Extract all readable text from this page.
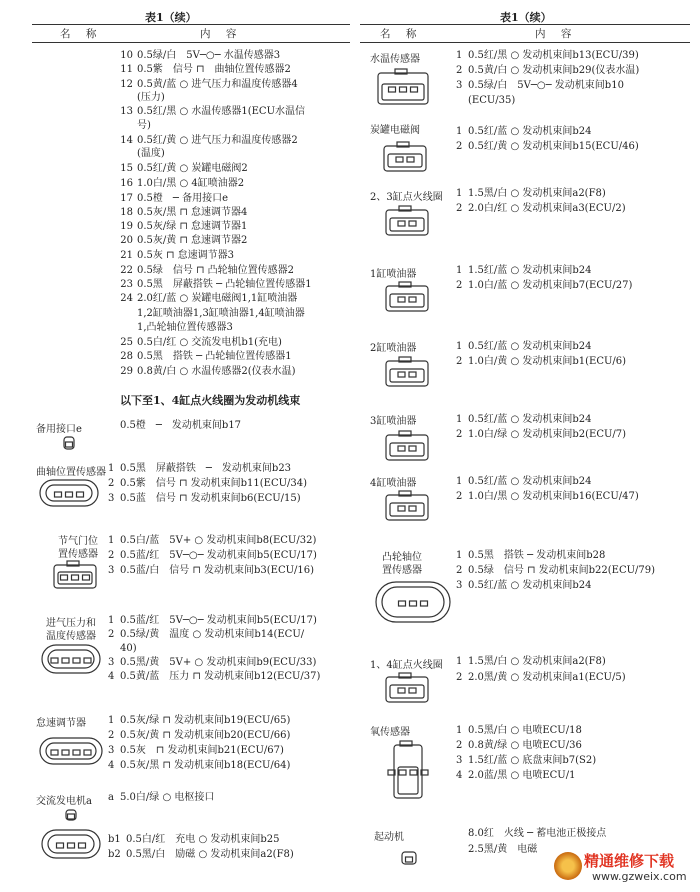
表1（续）
名 称	内 容
10 0.5绿/白　5V─○─ 水温传感器3
11 0.5紫　信号 ⊓　曲轴位置传感器2
12 0.5黄/蓝 ○ 进气压力和温度传感器4
(压力)
13 0.5红/黑 ○ 水温传感器1(ECU水温信
号)
14 0.5红/黄 ○ 进气压力和温度传感器2
(温度)
15 0.5红/黄 ○ 炭罐电磁阀2
16 1.0白/黑 ○ 4缸喷油器2
17 0.5橙　─ 备用接口e
18 0.5灰/黑 ⊓ 怠速调节器4
19 0.5灰/绿 ⊓ 怠速调节器1
20 0.5灰/黄 ⊓ 怠速调节器2
21 0.5灰 ⊓ 怠速调节器3
22 0.5绿　信号 ⊓ 凸轮轴位置传感器2
23 0.5黑　屏蔽搭铁 ─ 凸轮轴位置传感器1
24 2.0红/蓝 ○ 炭罐电磁阀1,1缸喷油器
1,2缸喷油器1,3缸喷油器1,4缸喷油器
1,凸轮轴位置传感器3
25 0.5白/红 ○ 交流发电机b1(充电)
28 0.5黑　搭铁 ─ 凸轮轴位置传感器1
29 0.8黄/白 ○ 水温传感器2(仪表水温)
以下至1、4缸点火线圈为发动机线束
备用接口e	0.5橙　─　发动机束间b17
曲轴位置传感器 1 0.5黑　屏蔽搭铁　─　发动机束间b23
2 0.5紫　信号 ⊓ 发动机束间b11(ECU/34)
3 0.5蓝　信号 ⊓ 发动机束间b6(ECU/15)
节气门位
置传感器
1 0.5白/蓝　5V+ ○ 发动机束间b8(ECU/32)
2 0.5蓝/红　5V─○─ 发动机束间b5(ECU/17)
3 0.5蓝/白　信号 ⊓ 发动机束间b3(ECU/16)
进气压力和
温度传感器
1 0.5蓝/红　5V─○─ 发动机束间b5(ECU/17)
2 0.5绿/黄　温度 ○ 发动机束间b14(ECU/
40)
3 0.5黑/黄　5V+ ○ 发动机束间b9(ECU/33)
4 0.5黄/蓝　压力 ⊓ 发动机束间b12(ECU/37)
怠速调节器 1 0.5灰/绿 ⊓ 发动机束间b19(ECU/65)
2 0.5灰/黄 ⊓ 发动机束间b20(ECU/66)
3 0.5灰　⊓ 发动机束间b21(ECU/67)
4 0.5灰/黑 ⊓ 发动机束间b18(ECU/64)
交流发电机a a 5.0白/绿 ○ 电枢接口
b1 0.5白/红　充电 ○ 发动机束间b25
b2 0.5黑/白　励磁 ○ 发动机束间a2(F8)
表1（续）
名 称	内 容
水温传感器	1 0.5红/黑 ○ 发动机束间b13(ECU/39)
2 0.5黄/白 ○ 发动机束间b29(仪表水温)
3 0.5绿/白　5V─○─ 发动机束间b10
(ECU/35)
炭罐电磁阀	1 0.5红/蓝 ○ 发动机束间b24
2 0.5红/黄 ○ 发动机束间b15(ECU/46)
2、3缸点火线圈 1 1.5黑/白 ○ 发动机束间a2(F8)
2 2.0白/红 ○ 发动机束间a3(ECU/2)
1缸喷油器	1 1.5红/蓝 ○ 发动机束间b24
2 1.0白/蓝 ○ 发动机束间b7(ECU/27)
2缸喷油器	1 0.5红/蓝 ○ 发动机束间b24
2 1.0白/黄 ○ 发动机束间b1(ECU/6)
3缸喷油器	1 0.5红/蓝 ○ 发动机束间b24
2 1.0白/绿 ○ 发动机束间b2(ECU/7)
4缸喷油器	1 0.5红/蓝 ○ 发动机束间b24
2 1.0白/黑 ○ 发动机束间b16(ECU/47)
凸轮轴位
置传感器
1 0.5黑　搭铁 ─ 发动机束间b28
2 0.5绿　信号 ⊓ 发动机束间b22(ECU/79)
3 0.5红/蓝 ○ 发动机束间b24
1、4缸点火线圈 1 1.5黑/白 ○ 发动机束间a2(F8)
2 2.0黑/黄 ○ 发动机束间a1(ECU/5)
氧传感器	1 0.5黑/白 ○ 电喷ECU/18
2 0.8黄/绿 ○ 电喷ECU/36
3 1.5红/蓝 ○ 底盘束间b7(S2)
4 2.0蓝/黑 ○ 电喷ECU/1
起动机	8.0红　火线 ─ 蓄电池正极接点
2.5黑/黄　电磁
精通维修下载
www.gzweix.com
